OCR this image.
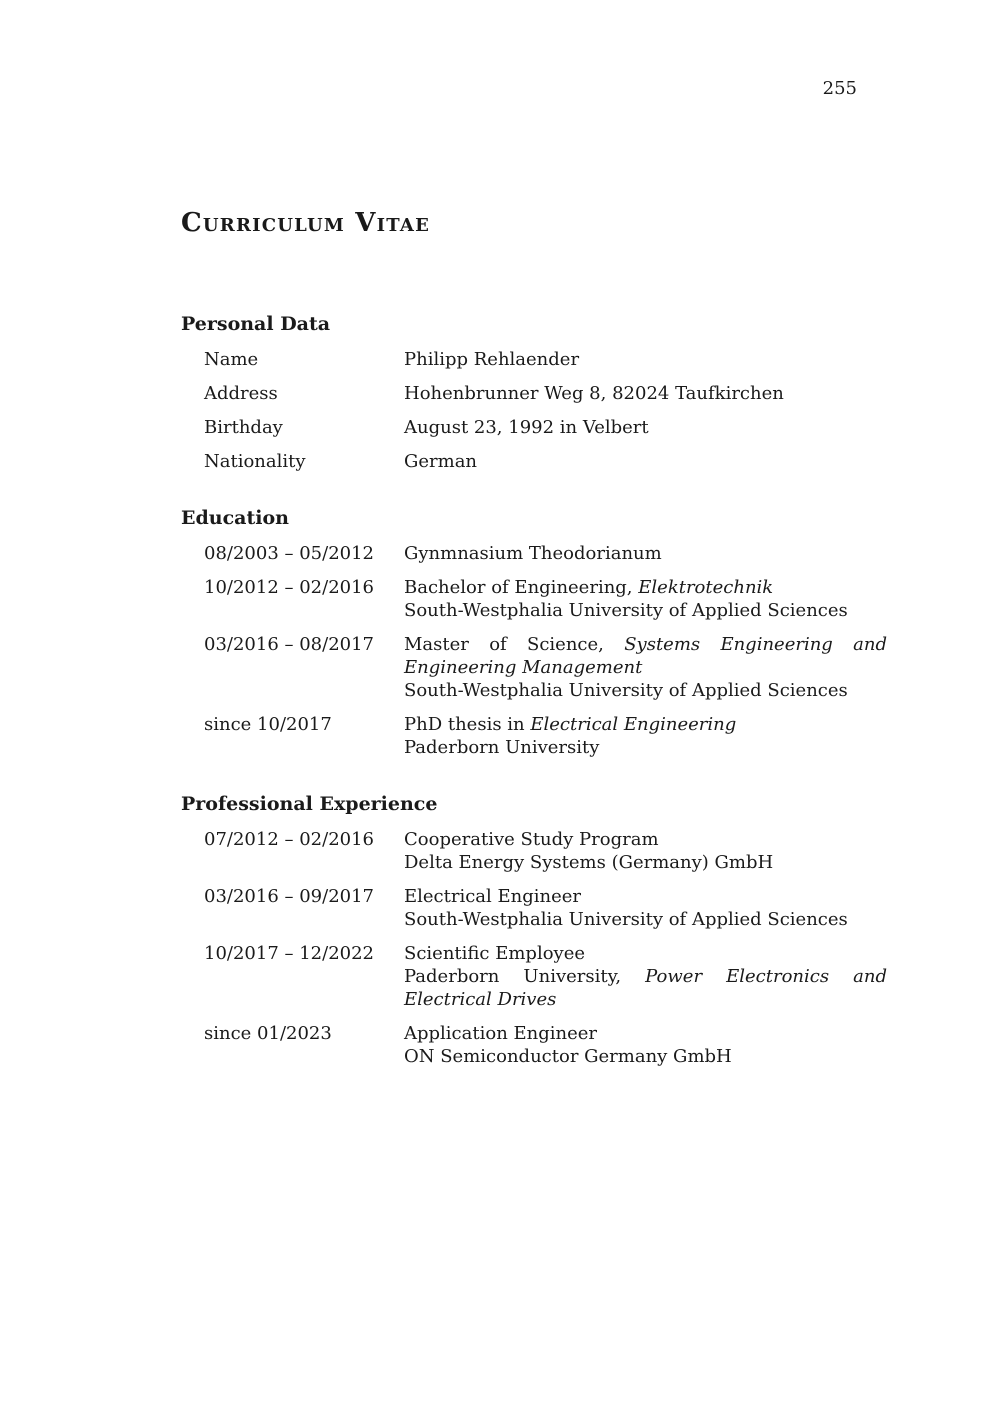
255
Curriculum Vitae
Personal Data
Name	Philipp Rehlaender
Address	Hohenbrunner Weg 8, 82024 Taufkirchen
Birthday	August 23, 1992 in Velbert
Nationality	German
Education
08/2003 – 05/2012	Gynmnasium Theodorianum
10/2012 – 02/2016	Bachelor of Engineering, Elektrotechnik
South-Westphalia University of Applied Sciences
03/2016 – 08/2017	Master of Science, Systems Engineering and Engineering Management
South-Westphalia University of Applied Sciences
since 10/2017	PhD thesis in Electrical Engineering
Paderborn University
Professional Experience
07/2012 – 02/2016	Cooperative Study Program
Delta Energy Systems (Germany) GmbH
03/2016 – 09/2017	Electrical Engineer
South-Westphalia University of Applied Sciences
10/2017 – 12/2022	Scientific Employee
Paderborn University, Power Electronics and Electrical Drives
since 01/2023	Application Engineer
ON Semiconductor Germany GmbH
